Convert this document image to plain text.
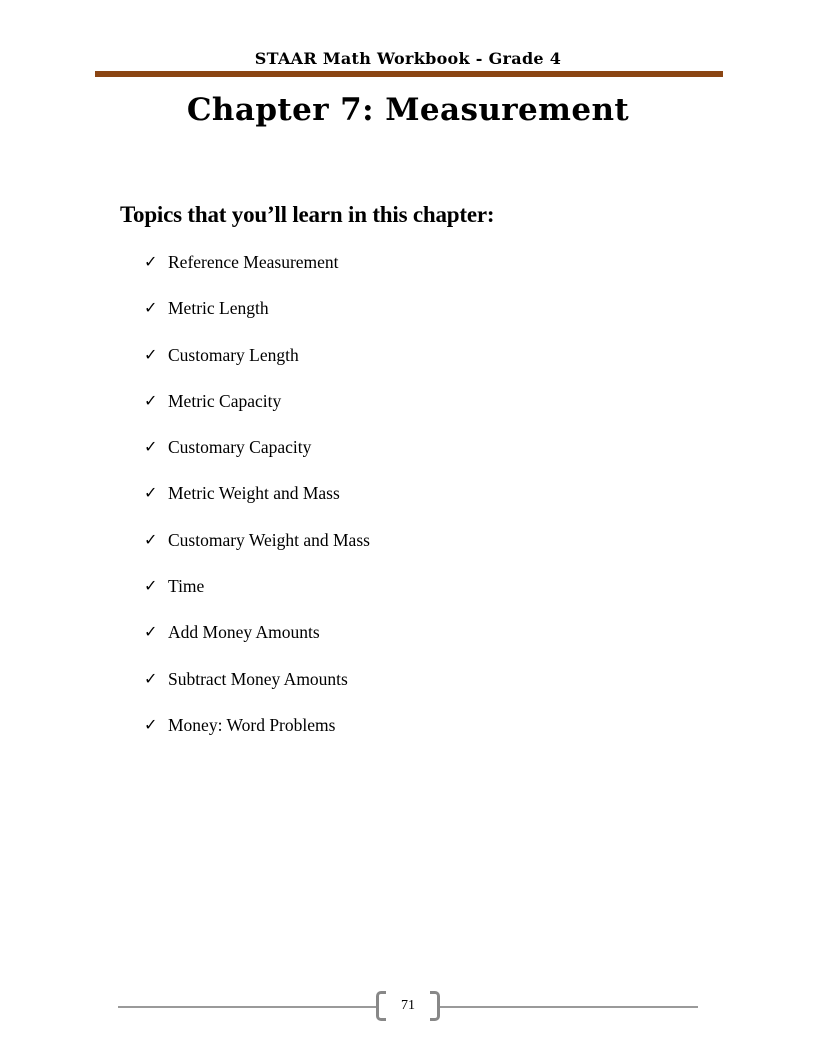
STAAR Math Workbook - Grade 4
Chapter 7: Measurement
Topics that you’ll learn in this chapter:
✓ Reference Measurement
✓ Metric Length
✓ Customary Length
✓ Metric Capacity
✓ Customary Capacity
✓ Metric Weight and Mass
✓ Customary Weight and Mass
✓ Time
✓ Add Money Amounts
✓ Subtract Money Amounts
✓ Money: Word Problems
71
